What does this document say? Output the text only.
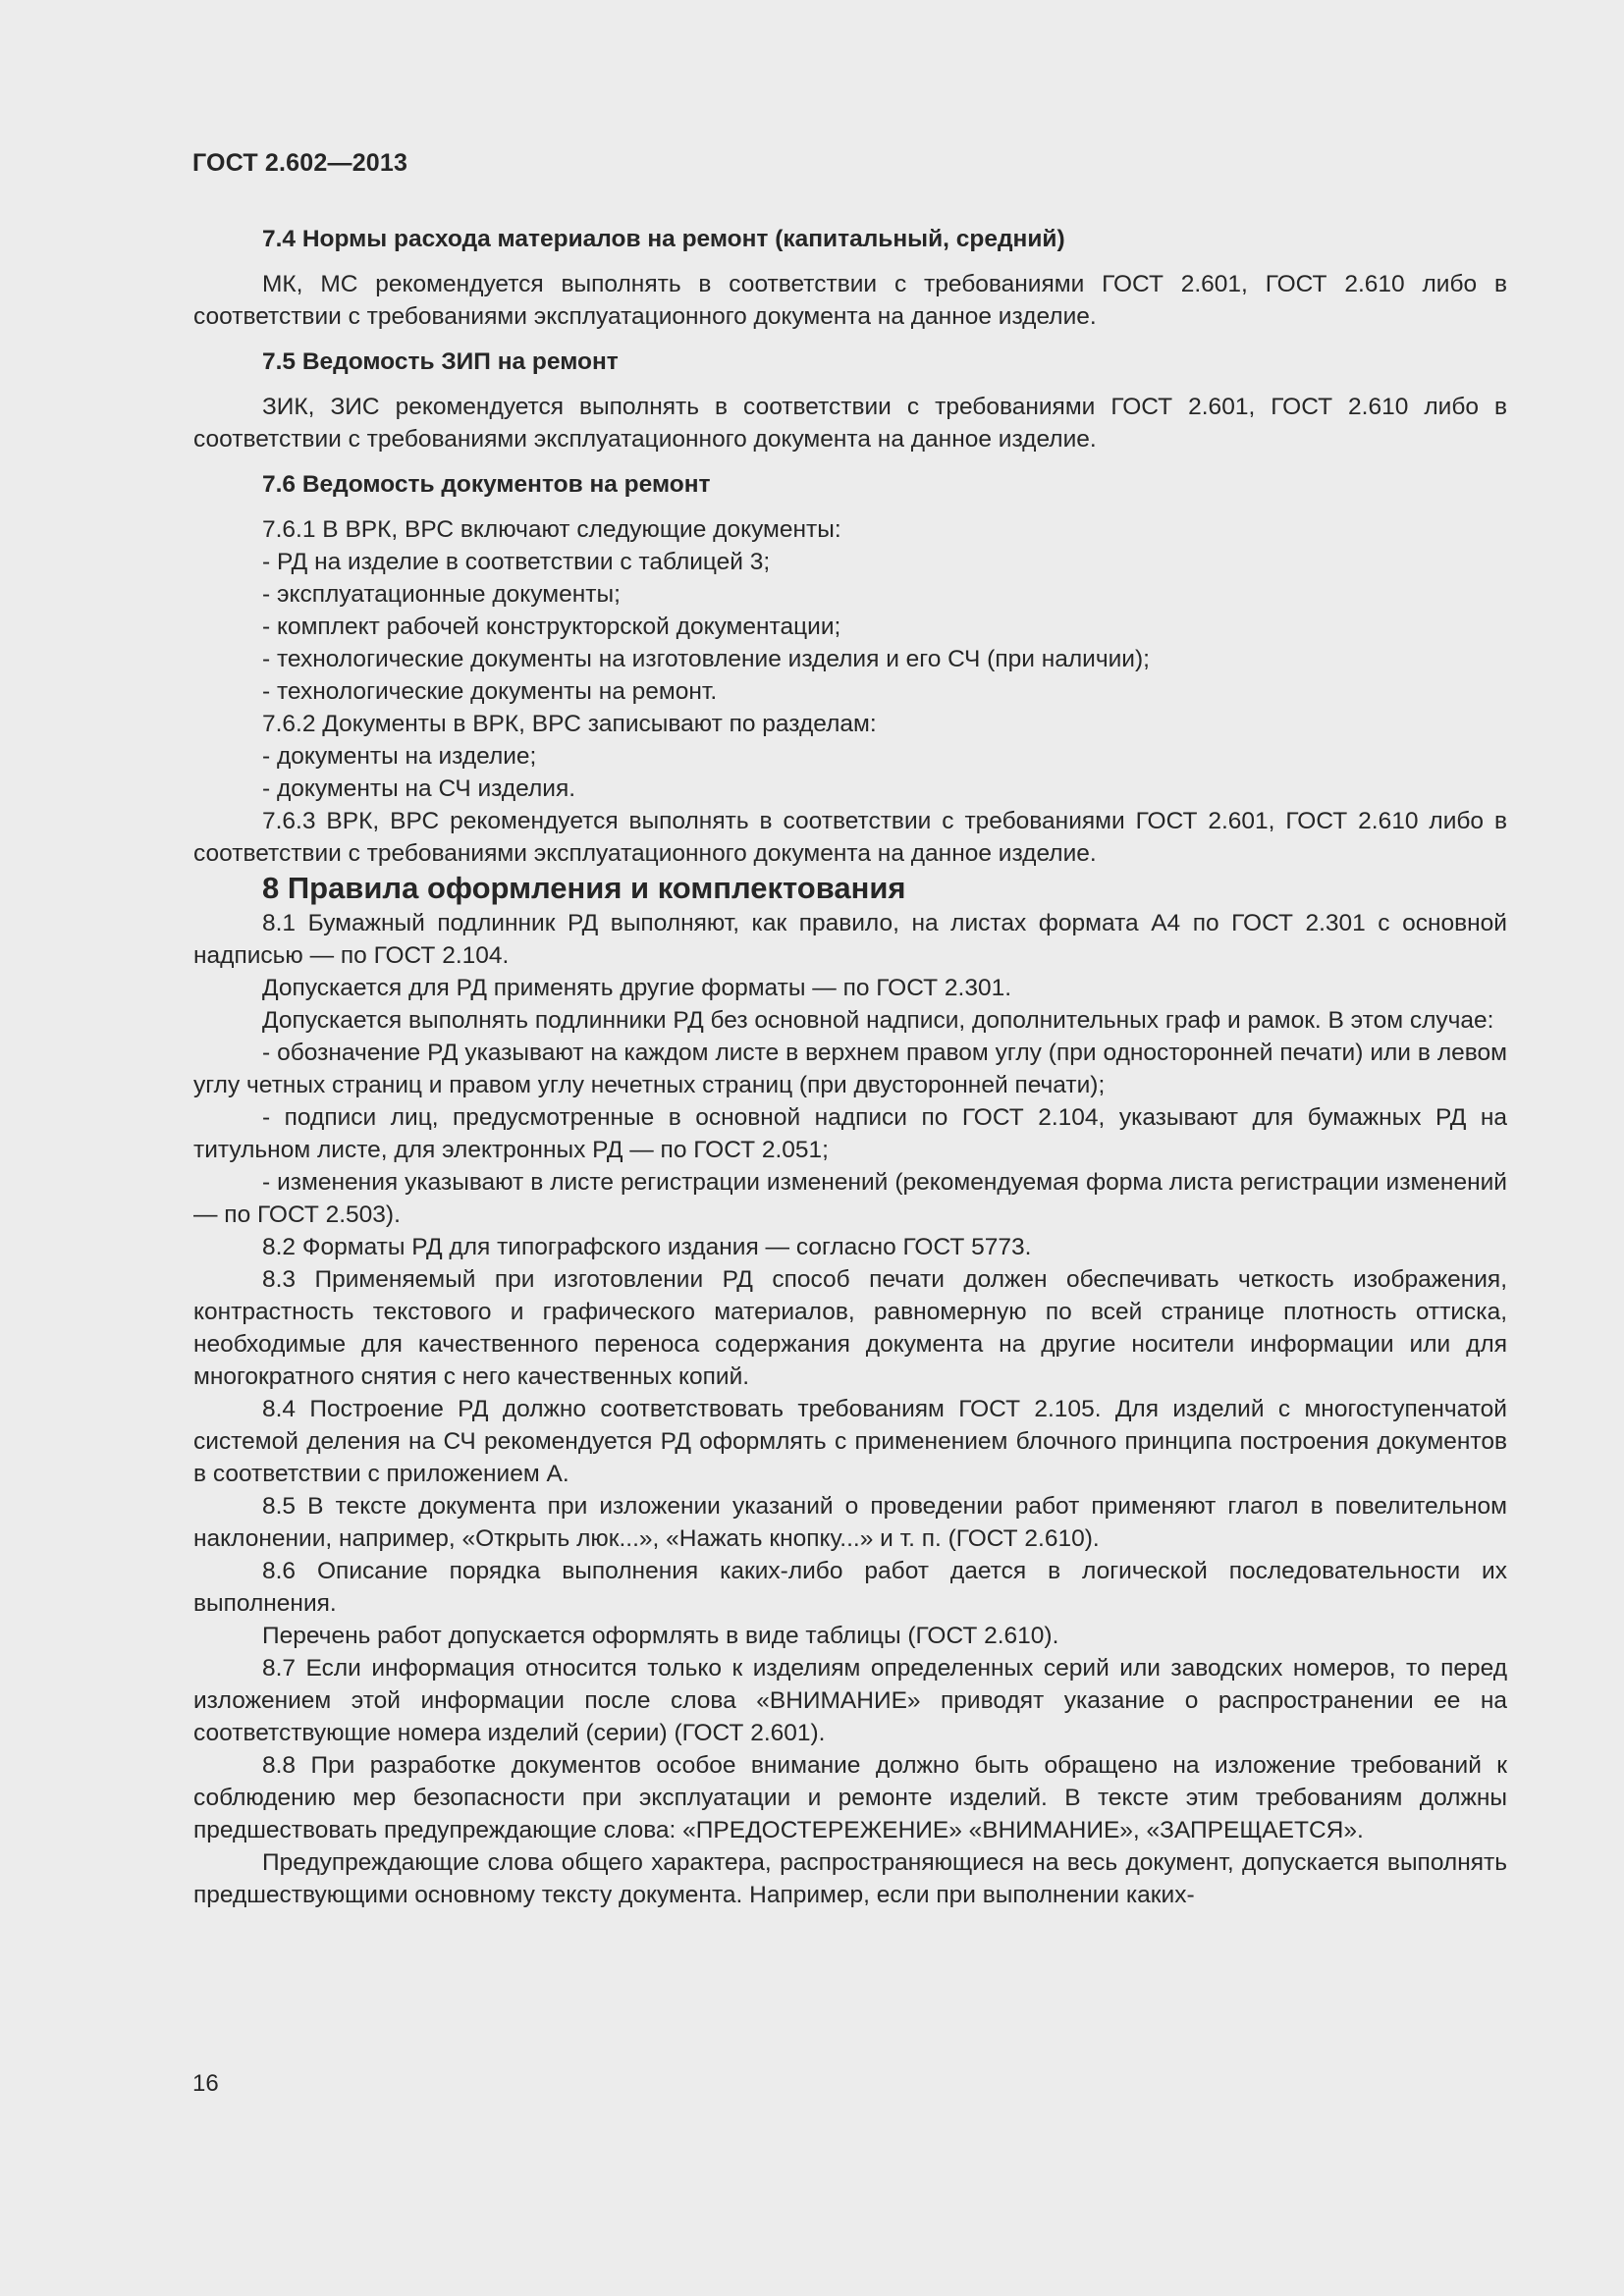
ГОСТ 2.602—2013

7.4 Нормы расхода материалов на ремонт (капитальный, средний)

МК, МС рекомендуется выполнять в соответствии с требованиями ГОСТ 2.601, ГОСТ 2.610 либо в соответствии с требованиями эксплуатационного документа на данное изделие.

7.5 Ведомость ЗИП на ремонт

ЗИК, ЗИС рекомендуется выполнять в соответствии с требованиями ГОСТ 2.601, ГОСТ 2.610 либо в соответствии с требованиями эксплуатационного документа на данное изделие.

7.6 Ведомость документов на ремонт

7.6.1 В ВРК, ВРС включают следующие документы:

- РД на изделие в соответствии с таблицей 3;

- эксплуатационные документы;

- комплект рабочей конструкторской документации;

- технологические документы на изготовление изделия и его СЧ (при наличии);

- технологические документы на ремонт.

7.6.2 Документы в ВРК, ВРС записывают по разделам:

- документы на изделие;

- документы на СЧ изделия.

7.6.3 ВРК, ВРС рекомендуется выполнять в соответствии с требованиями ГОСТ 2.601, ГОСТ 2.610 либо в соответствии с требованиями эксплуатационного документа на данное изделие.

8 Правила оформления и комплектования

8.1 Бумажный подлинник РД выполняют, как правило, на листах формата А4 по ГОСТ 2.301 с основной надписью — по ГОСТ 2.104.

Допускается для РД применять другие форматы — по ГОСТ 2.301.

Допускается выполнять подлинники РД без основной надписи, дополнительных граф и рамок. В этом случае:

- обозначение РД указывают на каждом листе в верхнем правом углу (при односторонней печати) или в левом углу четных страниц и правом углу нечетных страниц (при двусторонней печати);

- подписи лиц, предусмотренные в основной надписи по ГОСТ 2.104, указывают для бумажных РД на титульном листе, для электронных РД — по ГОСТ 2.051;

- изменения указывают в листе регистрации изменений (рекомендуемая форма листа регистрации изменений — по ГОСТ 2.503).

8.2 Форматы РД для типографского издания — согласно ГОСТ 5773.

8.3 Применяемый при изготовлении РД способ печати должен обеспечивать четкость изображения, контрастность текстового и графического материалов, равномерную по всей странице плотность оттиска, необходимые для качественного переноса содержания документа на другие носители информации или для многократного снятия с него качественных копий.

8.4 Построение РД должно соответствовать требованиям ГОСТ 2.105. Для изделий с многоступенчатой системой деления на СЧ рекомендуется РД оформлять с применением блочного принципа построения документов в соответствии с приложением А.

8.5 В тексте документа при изложении указаний о проведении работ применяют глагол в повелительном наклонении, например, «Открыть люк...», «Нажать кнопку...» и т. п. (ГОСТ 2.610).

8.6 Описание порядка выполнения каких-либо работ дается в логической последовательности их выполнения.

Перечень работ допускается оформлять в виде таблицы (ГОСТ 2.610).

8.7 Если информация относится только к изделиям определенных серий или заводских номеров, то перед изложением этой информации после слова «ВНИМАНИЕ» приводят указание о распространении ее на соответствующие номера изделий (серии) (ГОСТ 2.601).

8.8 При разработке документов особое внимание должно быть обращено на изложение требований к соблюдению мер безопасности при эксплуатации и ремонте изделий. В тексте этим требованиям должны предшествовать предупреждающие слова: «ПРЕДОСТЕРЕЖЕНИЕ» «ВНИМАНИЕ», «ЗАПРЕЩАЕТСЯ».

Предупреждающие слова общего характера, распространяющиеся на весь документ, допускается выполнять предшествующими основному тексту документа. Например, если при выполнении каких-

16
